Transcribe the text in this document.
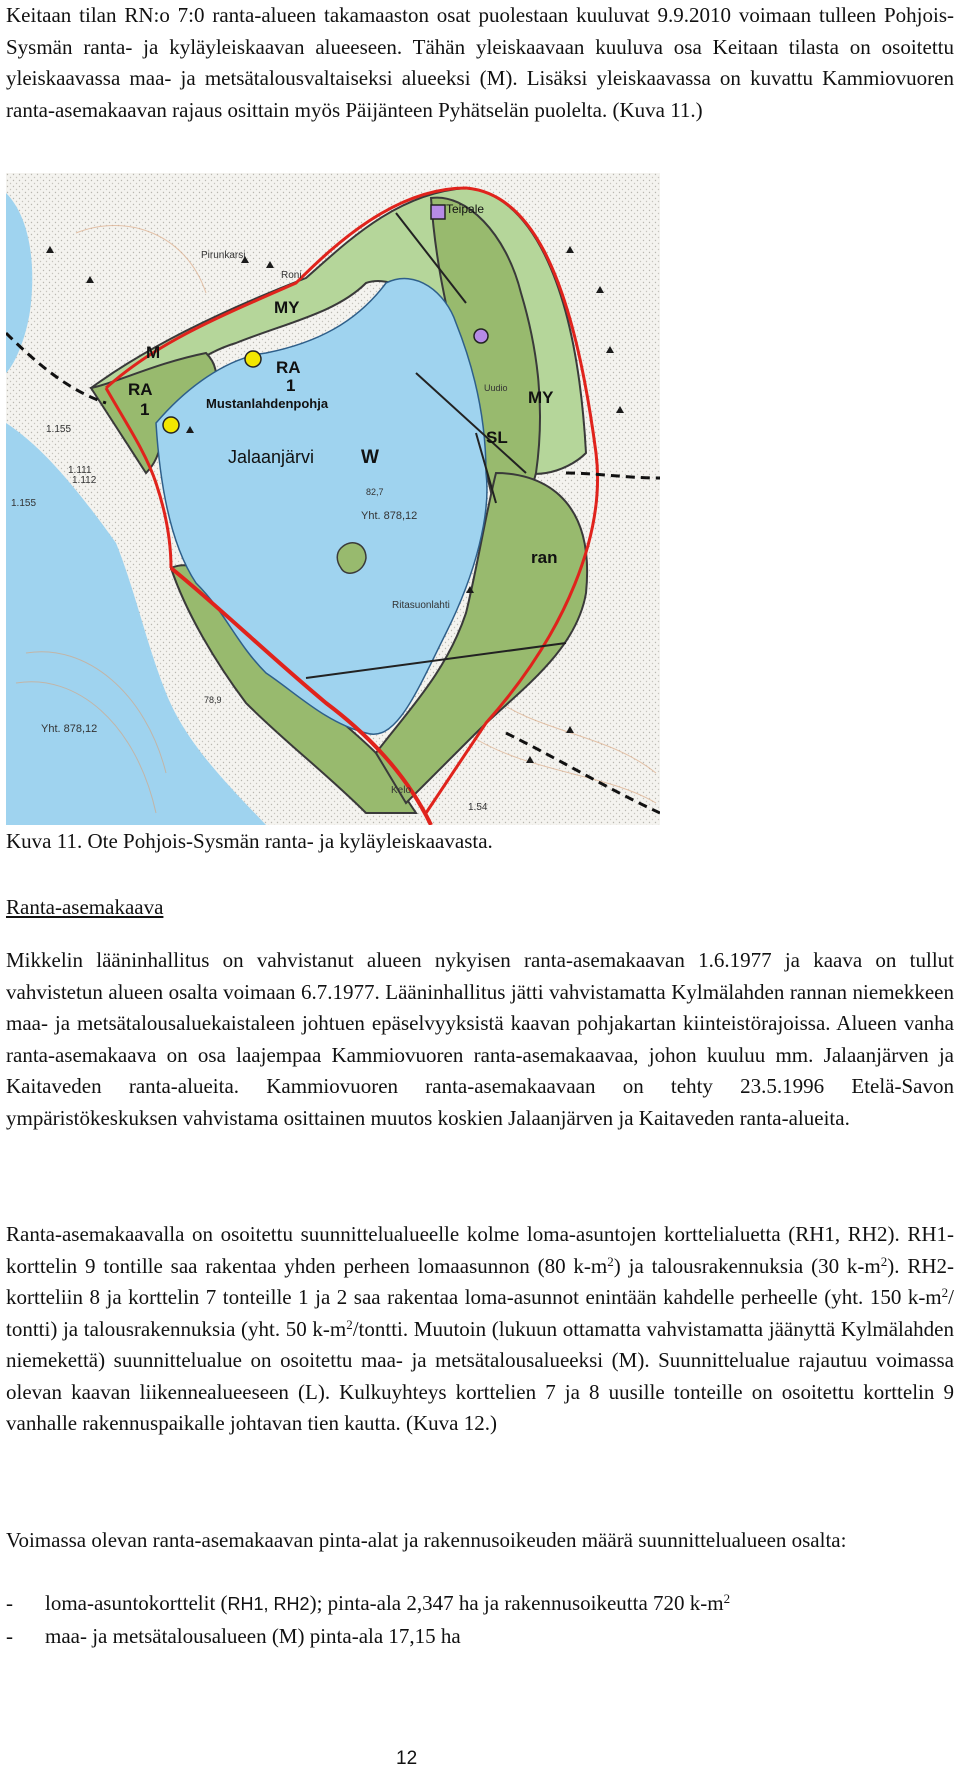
Keitaan tilan RN:o 7:0 ranta-alueen takamaaston osat puolestaan kuuluvat 9.9.2010 voimaan tulleen Pohjois-Sysmän ranta- ja kyläyleiskaavan alueeseen. Tähän yleiskaavaan kuuluva osa Keitaan tilasta on osoitettu yleiskaavassa maa- ja metsätalousvaltaiseksi alueeksi (M). Lisäksi yleiskaavassa on kuvattu Kammiovuoren ranta-asemakaavan rajaus osittain myös Päijänteen Pyhätselän puolelta. (Kuva 11.)

Teipale
Pirunkarsi
Roni
MY
M
RA
1
RA
1
Mustanlahdenpohja
Jalaanjärvi W
MY
Uudio
SL
ran
82,7
Yht. 878,12
Ritasuonlahti
Yht. 878,12
1.155
1.155
1.111
1.112
1.54
78,9
Kelo
Kuva 11. Ote Pohjois-Sysmän ranta- ja kyläyleiskaavasta.
Ranta-asemakaava

Mikkelin lääninhallitus on vahvistanut alueen nykyisen ranta-asemakaavan 1.6.1977 ja kaava on tullut vahvistetun alueen osalta voimaan 6.7.1977. Lääninhallitus jätti vahvistamatta Kylmälahden rannan niemekkeen maa- ja metsätalousaluekaistaleen johtuen epäselvyyksistä kaavan pohjakartan kiinteistörajoissa. Alueen vanha ranta-asemakaava on osa laajempaa Kammiovuoren ranta-asemakaavaa, johon kuuluu mm. Jalaanjärven ja Kaitaveden ranta-alueita. Kammiovuoren ranta-asemakaavaan on tehty 23.5.1996 Etelä-Savon ympäristökeskuksen vahvistama osittainen muutos koskien Jalaanjärven ja Kaitaveden ranta-alueita.

Ranta-asemakaavalla on osoitettu suunnittelualueelle kolme loma-asuntojen korttelialuetta (RH1, RH2). RH1-korttelin 9 tontille saa rakentaa yhden perheen lomaasunnon (80 $k-m^2$) ja talousrakennuksia (30 $k-m^2$). RH2-kortteliin 8 ja korttelin 7 tonteille 1 ja 2 saa rakentaa loma-asunnot enintään kahdelle perheelle (yht. 150 $k-m^2/$ tontti) ja talousrakennuksia (yht. 50 $k-m^2$/tontti. Muutoin (lukuun ottamatta vahvistamatta jäänyttä Kylmälahden niemekettä) suunnittelualue on osoitettu maa- ja metsätalousalueeksi (M). Suunnittelualue rajautuu voimassa olevan kaavan liikennealueeseen (L). Kulkuyhteys korttelien 7 ja 8 uusille tonteille on osoitettu korttelin 9 vanhalle rakennuspaikalle johtavan tien kautta. (Kuva 12.)

Voimassa olevan ranta-asemakaavan pinta-alat ja rakennusoikeuden määrä suunnittelualueen osalta:

- loma-asuntokorttelit (RH1, RH2); pinta-ala 2,347 ha ja rakennusoikeutta 720 $k-m^2$
- maa- ja metsätalousalueen (M) pinta-ala 17,15 ha
12
